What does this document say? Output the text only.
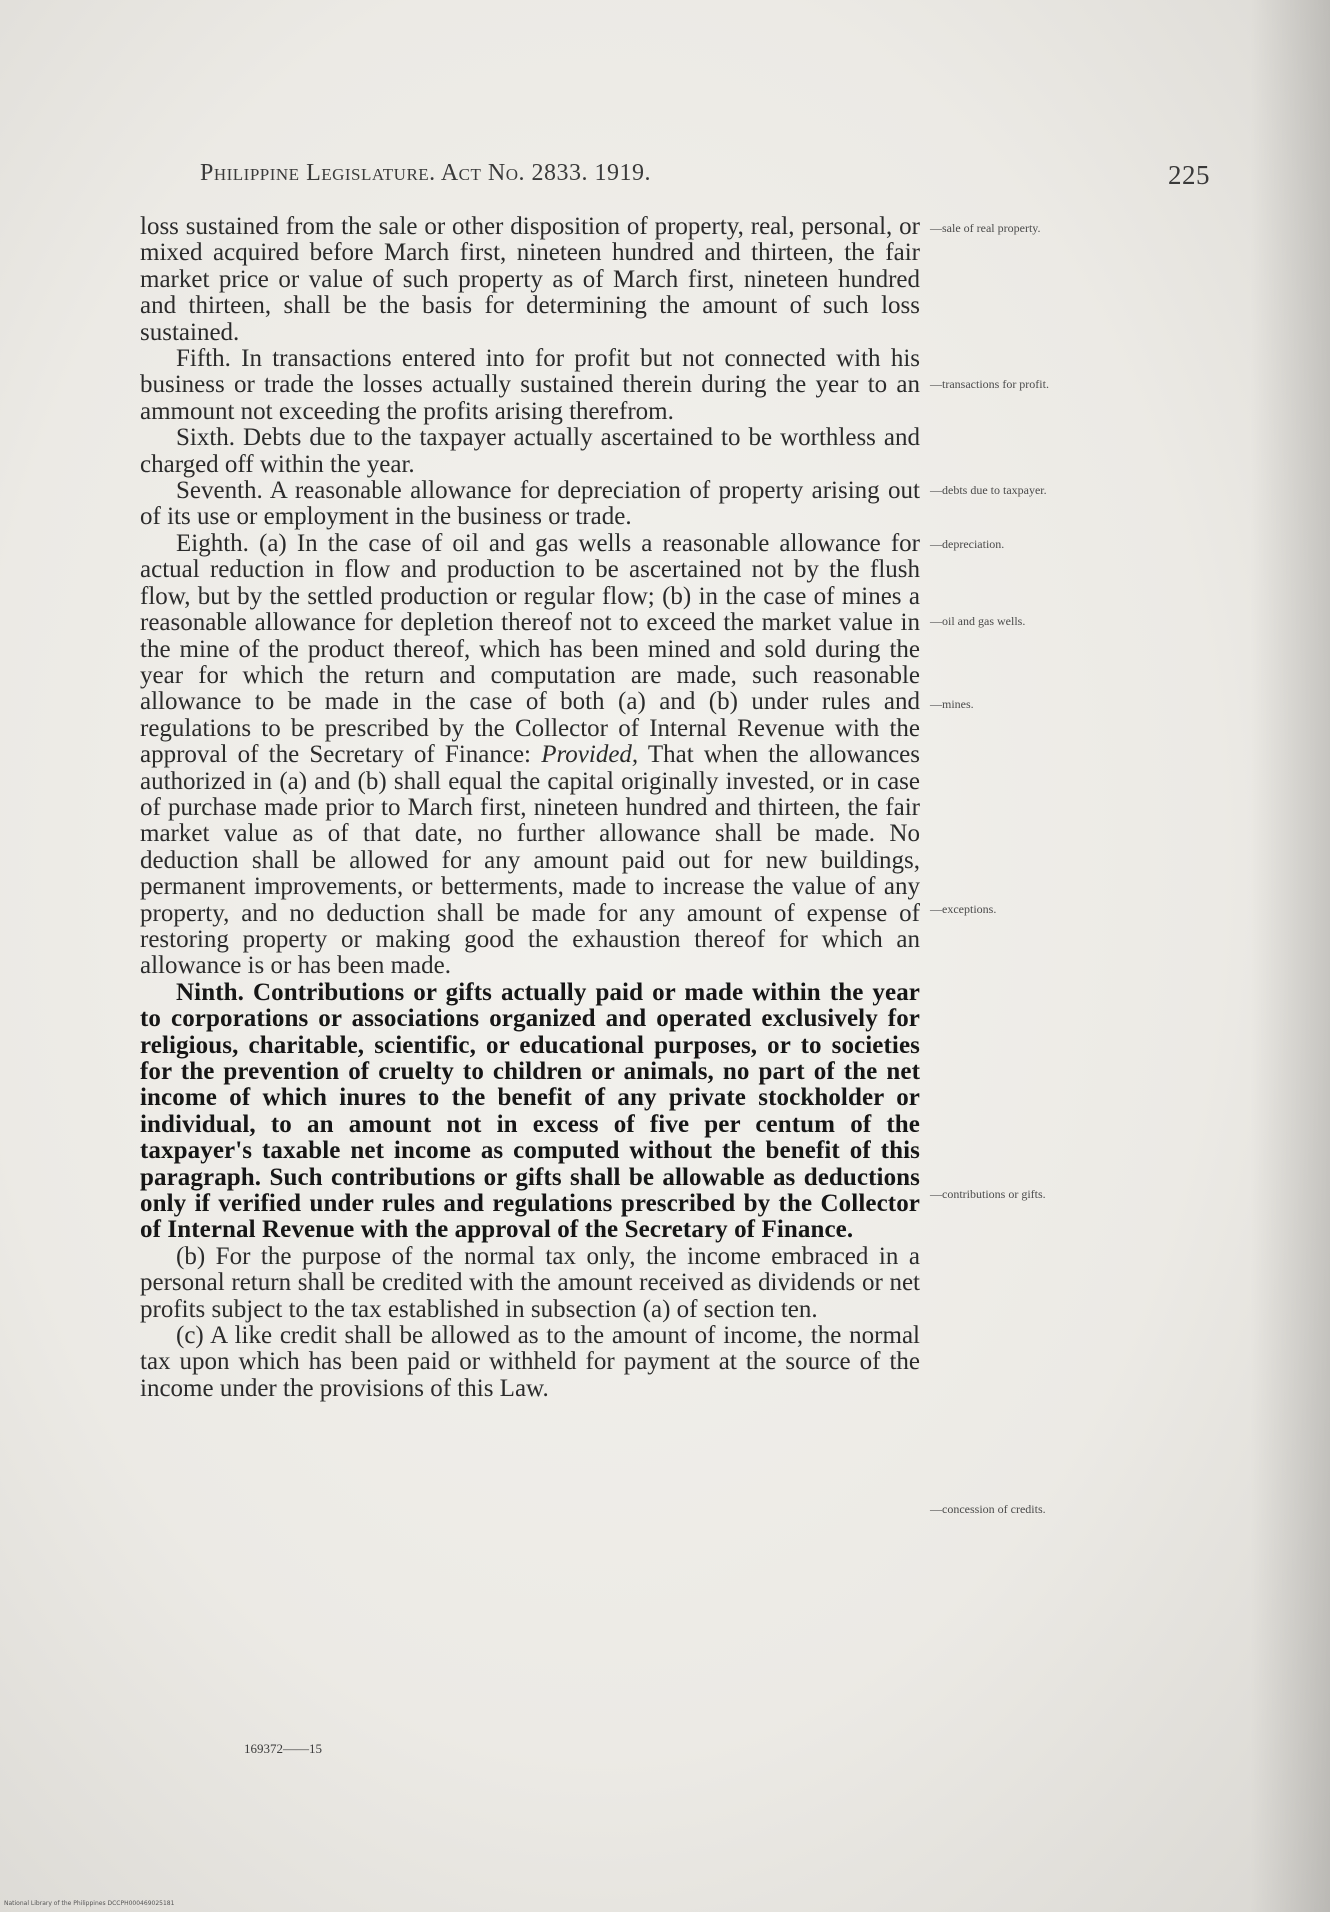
Philippine Legislature. Act No. 2833. 1919.	225

loss sustained from the sale or other disposition of property, real, personal, or mixed acquired before March first, nineteen hundred and thirteen, the fair market price or value of such property as of March first, nineteen hundred and thirteen, shall be the basis for determining the amount of such loss sustained.

Fifth. In transactions entered into for profit but not connected with his business or trade the losses actually sustained therein during the year to an ammount not exceeding the profits arising therefrom.

Sixth. Debts due to the taxpayer actually ascertained to be worthless and charged off within the year.

Seventh. A reasonable allowance for depreciation of property arising out of its use or employment in the business or trade.

Eighth. (a) In the case of oil and gas wells a reasonable allowance for actual reduction in flow and production to be ascertained not by the flush flow, but by the settled production or regular flow; (b) in the case of mines a reasonable allowance for depletion thereof not to exceed the market value in the mine of the product thereof, which has been mined and sold during the year for which the return and computation are made, such reasonable allowance to be made in the case of both (a) and (b) under rules and regulations to be prescribed by the Collector of Internal Revenue with the approval of the Secretary of Finance: Provided, That when the allowances authorized in (a) and (b) shall equal the capital originally invested, or in case of purchase made prior to March first, nineteen hundred and thirteen, the fair market value as of that date, no further allowance shall be made. No deduction shall be allowed for any amount paid out for new buildings, permanent improvements, or betterments, made to increase the value of any property, and no deduction shall be made for any amount of expense of restoring property or making good the exhaustion thereof for which an allowance is or has been made.

Ninth. Contributions or gifts actually paid or made within the year to corporations or associations organized and operated exclusively for religious, charitable, scientific, or educational purposes, or to societies for the prevention of cruelty to children or animals, no part of the net income of which inures to the benefit of any private stockholder or individual, to an amount not in excess of five per centum of the taxpayer's taxable net income as computed without the benefit of this paragraph. Such contributions or gifts shall be allowable as deductions only if verified under rules and regulations prescribed by the Collector of Internal Revenue with the approval of the Secretary of Finance.

(b) For the purpose of the normal tax only, the income embraced in a personal return shall be credited with the amount received as dividends or net profits subject to the tax established in subsection (a) of section ten.

(c) A like credit shall be allowed as to the amount of income, the normal tax upon which has been paid or withheld for payment at the source of the income under the provisions of this Law.

—sale of real property.
—transactions for profit.
—debts due to taxpayer.
—depreciation.
—oil and gas wells.
—mines.
—exceptions.
—contributions or gifts.
—concession of credits.
169372——15
National Library of the Philippines DCCPH000469025181
